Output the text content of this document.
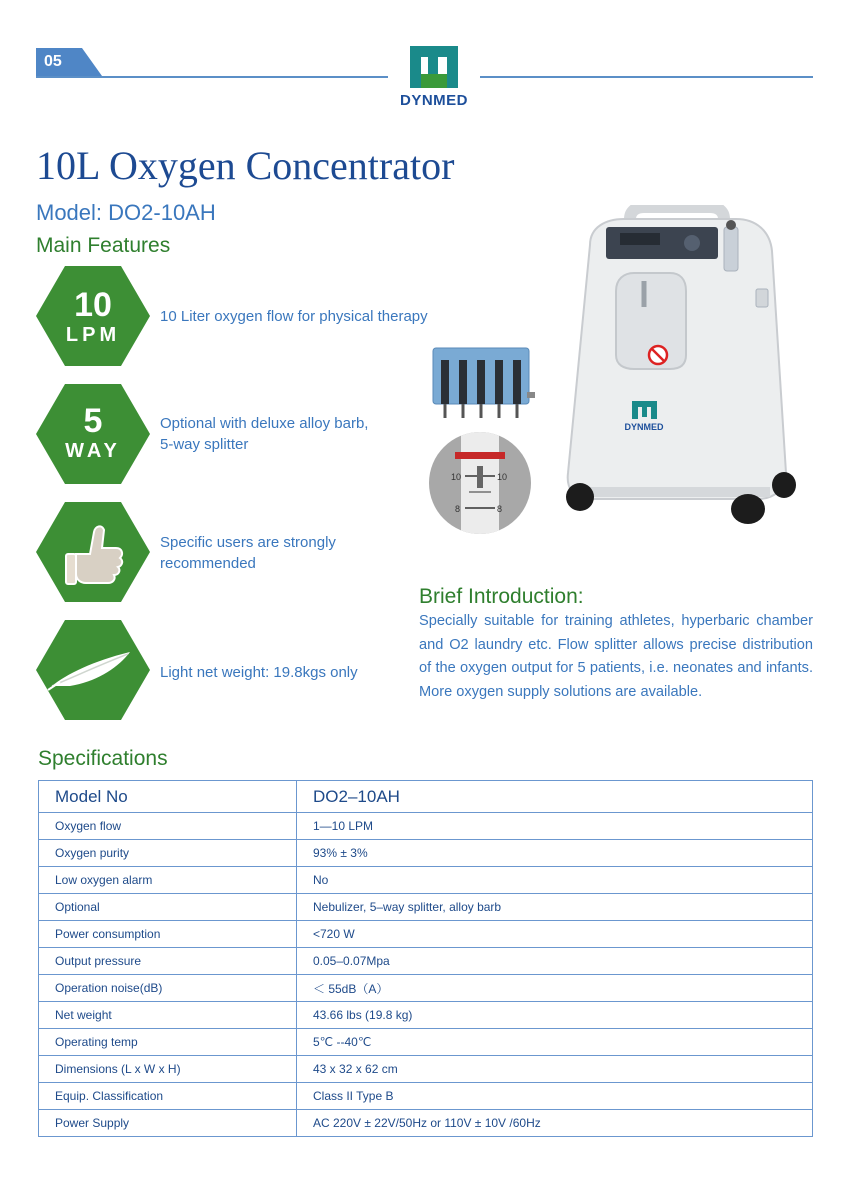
05
DYNMED
10L Oxygen Concentrator
Model: DO2-10AH
Main Features
10
LPM
10 Liter oxygen flow for physical therapy
5
WAY
Optional with deluxe alloy barb,
5-way splitter
Specific users are strongly
recommended
Light net weight: 19.8kgs only
DYNMED
10	10
8	8
Brief Introduction:
Specially suitable for training athletes, hyperbaric chamber and O2 laundry etc. Flow splitter allows precise distribution of the oxygen output for 5 patients, i.e. neonates and infants. More oxygen supply solutions are available.
Specifications
Model No	DO2–10AH
Oxygen flow	1—10 LPM
Oxygen purity	93% ± 3%
Low oxygen alarm	No
Optional	Nebulizer, 5–way splitter, alloy barb
Power consumption	<720 W
Output pressure	0.05–0.07Mpa
Operation noise(dB)	＜ 55dB（A）
Net weight	43.66 lbs (19.8 kg)
Operating temp	5℃ --40℃
Dimensions (L x W x H)	43 x 32 x 62 cm
Equip. Classification	Class II Type B
Power Supply	AC 220V ± 22V/50Hz or 110V ± 10V /60Hz
